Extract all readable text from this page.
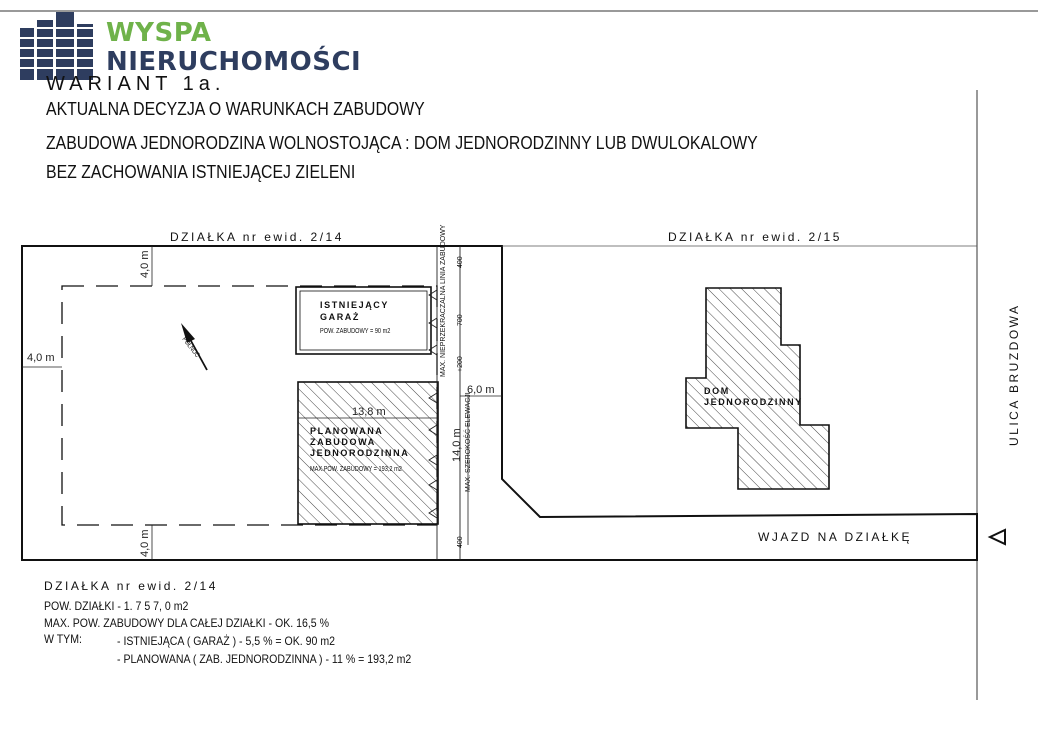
WYSPA
NIERUCHOMOŚCI
WARIANT 1a.
AKTUALNA DECYZJA O WARUNKACH ZABUDOWY
ZABUDOWA JEDNORODZINA WOLNOSTOJĄCA : DOM JEDNORODZINNY LUB DWULOKALOWY
BEZ ZACHOWANIA ISTNIEJĄCEJ ZIELENI
DZIAŁKA nr ewid. 2/14	DZIAŁKA nr ewid. 2/15
ULICA BRUZDOWA
WJAZD NA DZIAŁKĘ
ISTNIEJĄCY
GARAŻ
POW. ZABUDOWY = 90 m2
PLANOWANA
ZABUDOWA
JEDNORODZINNA
MAX.POW. ZABUDOWY = 193,2 m2
DOM
JEDNORODZINNY
PÓŁNOC
4,0 m
4,0 m
4,0 m
6,0 m
13,8 m
14,0 m
MAX. NIEPRZEKRACZALNA LINIA ZABUDOWY
MAX. SZEROKOŚĆ ELEWACJI
400
700
+200
400
DZIAŁKA nr ewid. 2/14
POW. DZIAŁKI - 1. 7 5 7, 0 m2
MAX. POW. ZABUDOWY DLA CAŁEJ DZIAŁKI - OK. 16,5 %
W TYM:	- ISTNIEJĄCA ( GARAŻ ) - 5,5 % = OK. 90 m2
- PLANOWANA ( ZAB. JEDNORODZINNA ) - 11 % = 193,2 m2
